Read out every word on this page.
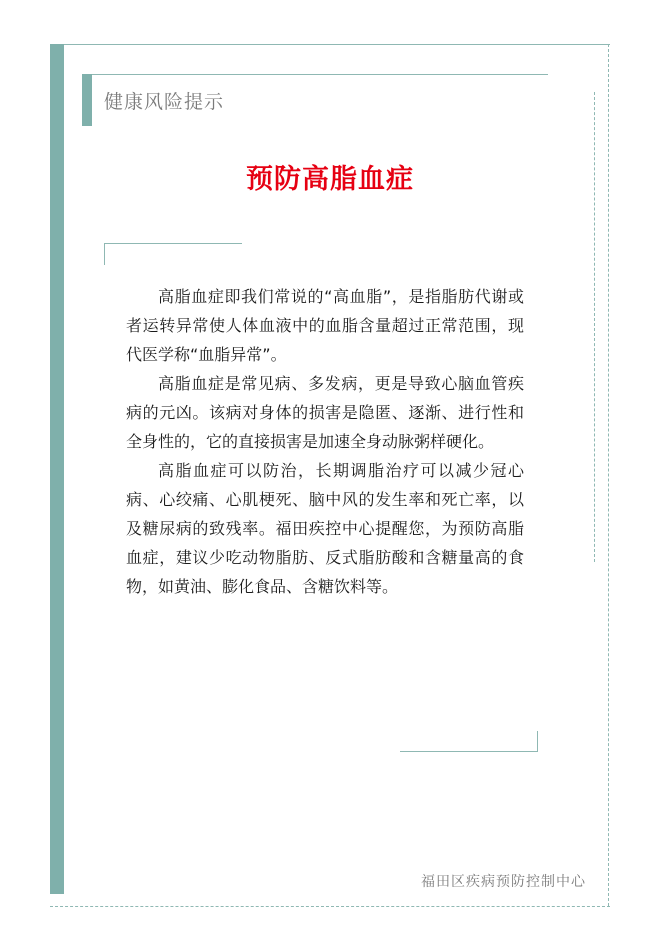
健康风险提示
预防高脂血症

高脂血症即我们常说的“高血脂”，是指脂肪代谢或者运转异常使人体血液中的血脂含量超过正常范围，现代医学称“血脂异常”。

高脂血症是常见病、多发病，更是导致心脑血管疾病的元凶。该病对身体的损害是隐匿、逐渐、进行性和全身性的，它的直接损害是加速全身动脉粥样硬化。

高脂血症可以防治，长期调脂治疗可以减少冠心病、心绞痛、心肌梗死、脑中风的发生率和死亡率，以及糖尿病的致残率。福田疾控中心提醒您，为预防高脂血症，建议少吃动物脂肪、反式脂肪酸和含糖量高的食物，如黄油、膨化食品、含糖饮料等。

福田区疾病预防控制中心
